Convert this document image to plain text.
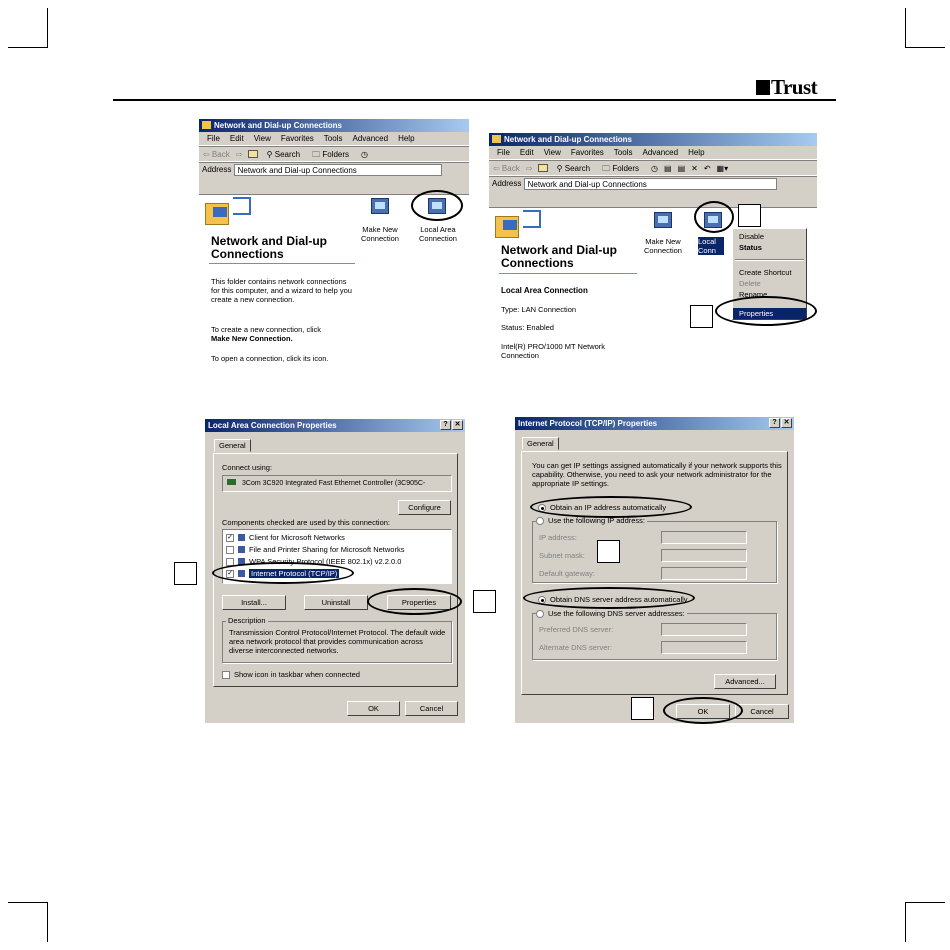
Trust
Network and Dial-up Connections
File Edit View Favorites Tools Advanced Help
⇦ Back ⇨	⚲ Search 🗀 Folders ◷
Address Network and Dial-up Connections
Network and Dial-up Connections
This folder contains network connections for this computer, and a wizard to help you create a new connection.
To create a new connection, click
Make New Connection.
To open a connection, click its icon.
Make New Connection
Local Area Connection
Network and Dial-up Connections
File Edit View Favorites Tools Advanced Help
⇦ Back ⇨	⚲ Search 🗀 Folders ◷ ▤ ▤ ✕ ↶ ▦▾
Address Network and Dial-up Connections
Network and Dial-up Connections
Local Area Connection
Type: LAN Connection
Status: Enabled
Intel(R) PRO/1000 MT Network Connection
Make New Connection
Local
Conn
Disable
Status
Create Shortcut
Delete
Rename
Properties
Local Area Connection Properties	? ✕
General
Connect using:
3Com 3C920 Integrated Fast Ethernet Controller (3C905C-
Configure
Components checked are used by this connection:
✓ Client for Microsoft Networks
File and Printer Sharing for Microsoft Networks
WPA Security Protocol (IEEE 802.1x) v2.2.0.0
✓ Internet Protocol (TCP/IP)
Install...	Uninstall	Properties
Description
Transmission Control Protocol/Internet Protocol. The default wide area network protocol that provides communication across diverse interconnected networks.
Show icon in taskbar when connected
OK	Cancel
Internet Protocol (TCP/IP) Properties	? ✕
General
You can get IP settings assigned automatically if your network supports this capability. Otherwise, you need to ask your network administrator for the appropriate IP settings.
Obtain an IP address automatically
Use the following IP address:
IP address:
Subnet mask:
Default gateway:
Obtain DNS server address automatically
Use the following DNS server addresses:
Preferred DNS server:
Alternate DNS server:
Advanced...
OK	Cancel
